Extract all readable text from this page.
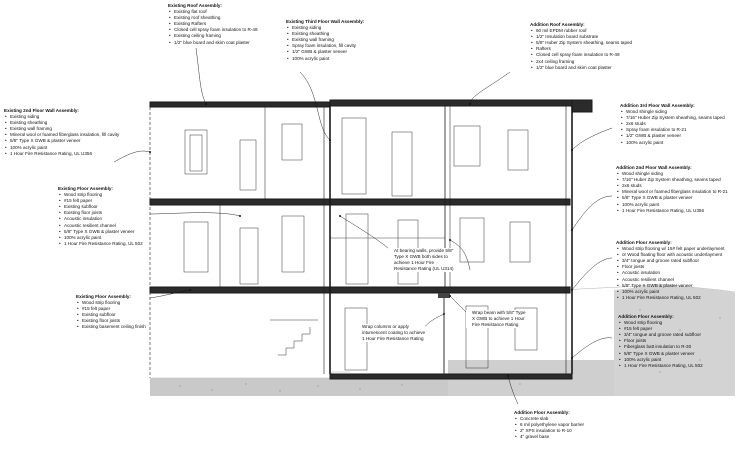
Existing Roof Assembly:
• Existing flat roof
• Existing roof sheathing
• Existing Rafters
• Closed cell spray foam insulation to R-49
• Existing ceiling framing
• 1/2" blue board and skim coat plaster
Existing Third Floor Wall Assembly:
• Existing siding
• Existing sheathing
• Existing wall framing
• Spray foam insulation, fill cavity
• 1/2" GWB & plaster veneer
• 100% acrylic paint
Addition Roof Assembly:
• 60 mil EPDM rubber roof
• 1/2" Insulation board substrate
• 5/8" Huber Zip System sheathing, seams taped
• Rafters
• Closed cell spray foam insulation to R-49
• 2x4 ceiling framing
• 1/2" blue board and skim coat plaster
Existing 2nd Floor Wall Assembly:
• Existing siding
• Existing sheathing
• Existing wall framing
• Mineral wool or foamed fiberglass insulation, fill cavity
• 5/8" Type X GWB & plaster veneer
• 100% acrylic paint
• 1 Hour Fire Resistance Rating, UL U356
Addition 3rd Floor Wall Assembly:
• Wood shingle siding
• 7/16" Huber Zip System sheathing, seams taped
• 2x6 studs
• Spray foam insulation to R-21
• 1/2" GWB & plaster veneer
• 100% acrylic paint
Addition 2nd Floor Wall Assembly:
• Wood shingle siding
• 7/16" Huber Zip System sheathing, seams taped
• 2x6 studs
• Mineral wool or foamed fiberglass insulation to R-21
• 5/8" Type X GWB & plaster veneer
• 100% acrylic paint
• 1 Hour Fire Resistance Rating, UL U356
Existing Floor Assembly:
• Wood strip flooring
• #15 felt paper
• Existing subfloor
• Existing floor joists
• Acoustic insulation
• Acoustic resilient channel
• 5/8" Type X GWB & plaster veneer
• 100% acrylic paint
• 1 Hour Fire Resistance Rating, UL 502	Addition Floor Assembly:
• Wood strip flooring w/ 15# felt paper underlayment
• or Wood floating floor with acoustic underlayment
• 3/4" tongue and groove rated subfloor
• Floor joists
• Acoustic insulation
• Acoustic resilient channel
• 5/8" Type X GWB & plaster veneer
• 100% acrylic paint
• 1 Hour Fire Resistance Rating, UL 502
At bearing walls, provide 5/8"
Type X GWB both sides to
achieve 1 Hour Fire
Resistance Rating (UL U314)
Existing Floor Assembly:
• Wood strip flooring
• #15 felt paper
• Existing subfloor
• Existing floor joists
• Existing basement ceiling finish
Wrap beam with 5/8" Type
X GWB to achieve 1 Hour
Fire Resistance Rating
Wrap columns or apply
intumescent coating to achieve
1 Hour Fire Resistance Rating
Addition Floor Assembly:
• Wood strip flooring
• #15 felt paper
• 3/4" tongue and groove rated subfloor
• Floor joists
• Fiberglass batt insulation to R-30
• 5/8" Type X GWB & plaster veneer
• 100% acrylic paint
• 1 Hour Fire Resistance Rating, UL 502
Addition Floor Assembly:
• Concrete slab
• 6 mil polyethylene vapor barrier
• 2" XPS insulation to R-10
• 4" gravel base
